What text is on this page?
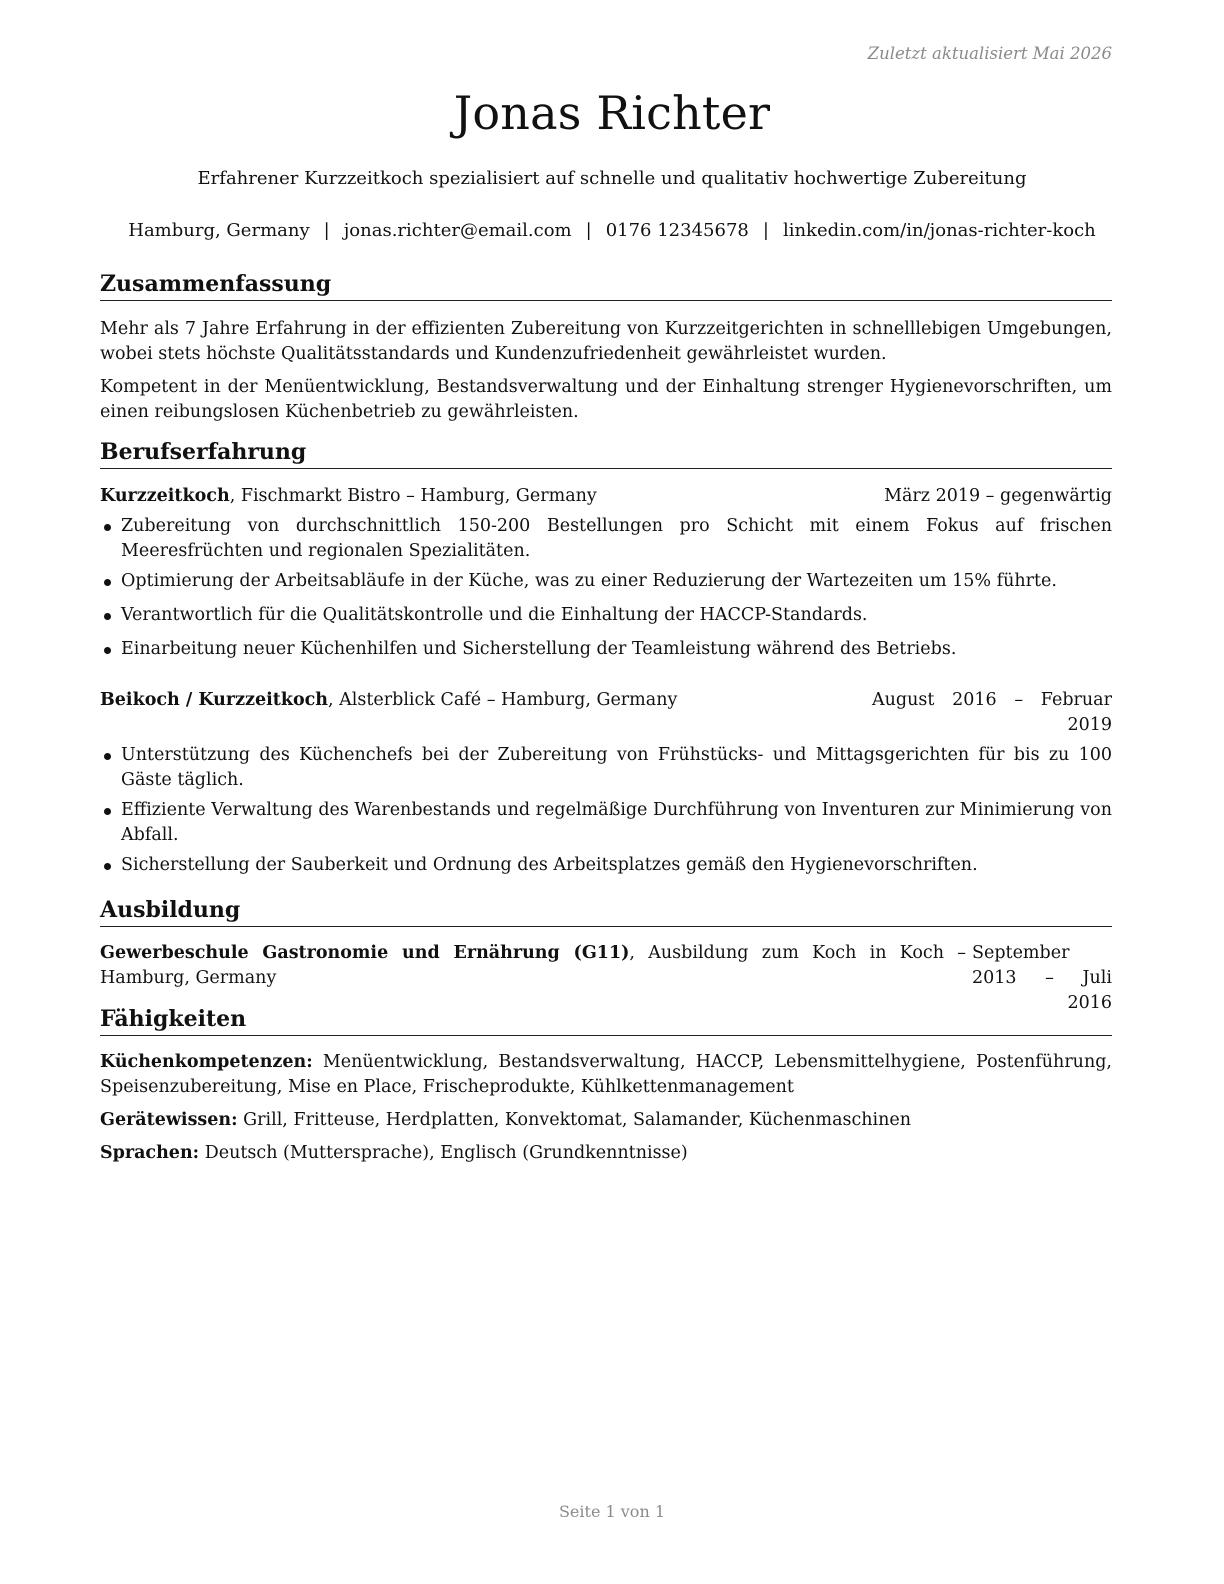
Zuletzt aktualisiert Mai 2026
Jonas Richter
Erfahrener Kurzzeitkoch spezialisiert auf schnelle und qualitativ hochwertige Zubereitung
Hamburg, Germany | jonas.richter@email.com | 0176 12345678 | linkedin.com/in/jonas-richter-koch
Zusammenfassung

Mehr als 7 Jahre Erfahrung in der effizienten Zubereitung von Kurzzeitgerichten in schnelllebigen Umgebungen, wobei stets höchste Qualitätsstandards und Kundenzufriedenheit gewährleistet wurden.

Kompetent in der Menüentwicklung, Bestandsverwaltung und der Einhaltung strenger Hygienevorschriften, um einen reibungslosen Küchenbetrieb zu gewährleisten.

Berufserfahrung
Kurzzeitkoch, Fischmarkt Bistro – Hamburg, Germany	März 2019 – gegenwärtig
Zubereitung von durchschnittlich 150-200 Bestellungen pro Schicht mit einem Fokus auf frischen Meeresfrüchten und regionalen Spezialitäten.
Optimierung der Arbeitsabläufe in der Küche, was zu einer Reduzierung der Wartezeiten um 15% führte.
Verantwortlich für die Qualitätskontrolle und die Einhaltung der HACCP-Standards.
Einarbeitung neuer Küchenhilfen und Sicherstellung der Teamleistung während des Betriebs.
Beikoch / Kurzzeitkoch, Alsterblick Café – Hamburg, Germany	August 2016 – Februar 2019
Unterstützung des Küchenchefs bei der Zubereitung von Frühstücks- und Mittagsgerichten für bis zu 100 Gäste täglich.
Effiziente Verwaltung des Warenbestands und regelmäßige Durchführung von Inventuren zur Minimierung von Abfall.
Sicherstellung der Sauberkeit und Ordnung des Arbeitsplatzes gemäß den Hygienevorschriften.
Ausbildung
Gewerbeschule Gastronomie und Ernährung (G11), Ausbildung zum Koch in Koch – Hamburg, Germany
September 2013 – Juli 2016
Fähigkeiten

Küchenkompetenzen: Menüentwicklung, Bestandsverwaltung, HACCP, Lebensmittelhygiene, Postenführung, Speisenzubereitung, Mise en Place, Frischeprodukte, Kühlkettenmanagement

Gerätewissen: Grill, Fritteuse, Herdplatten, Konvektomat, Salamander, Küchenmaschinen

Sprachen: Deutsch (Muttersprache), Englisch (Grundkenntnisse)

Seite 1 von 1
